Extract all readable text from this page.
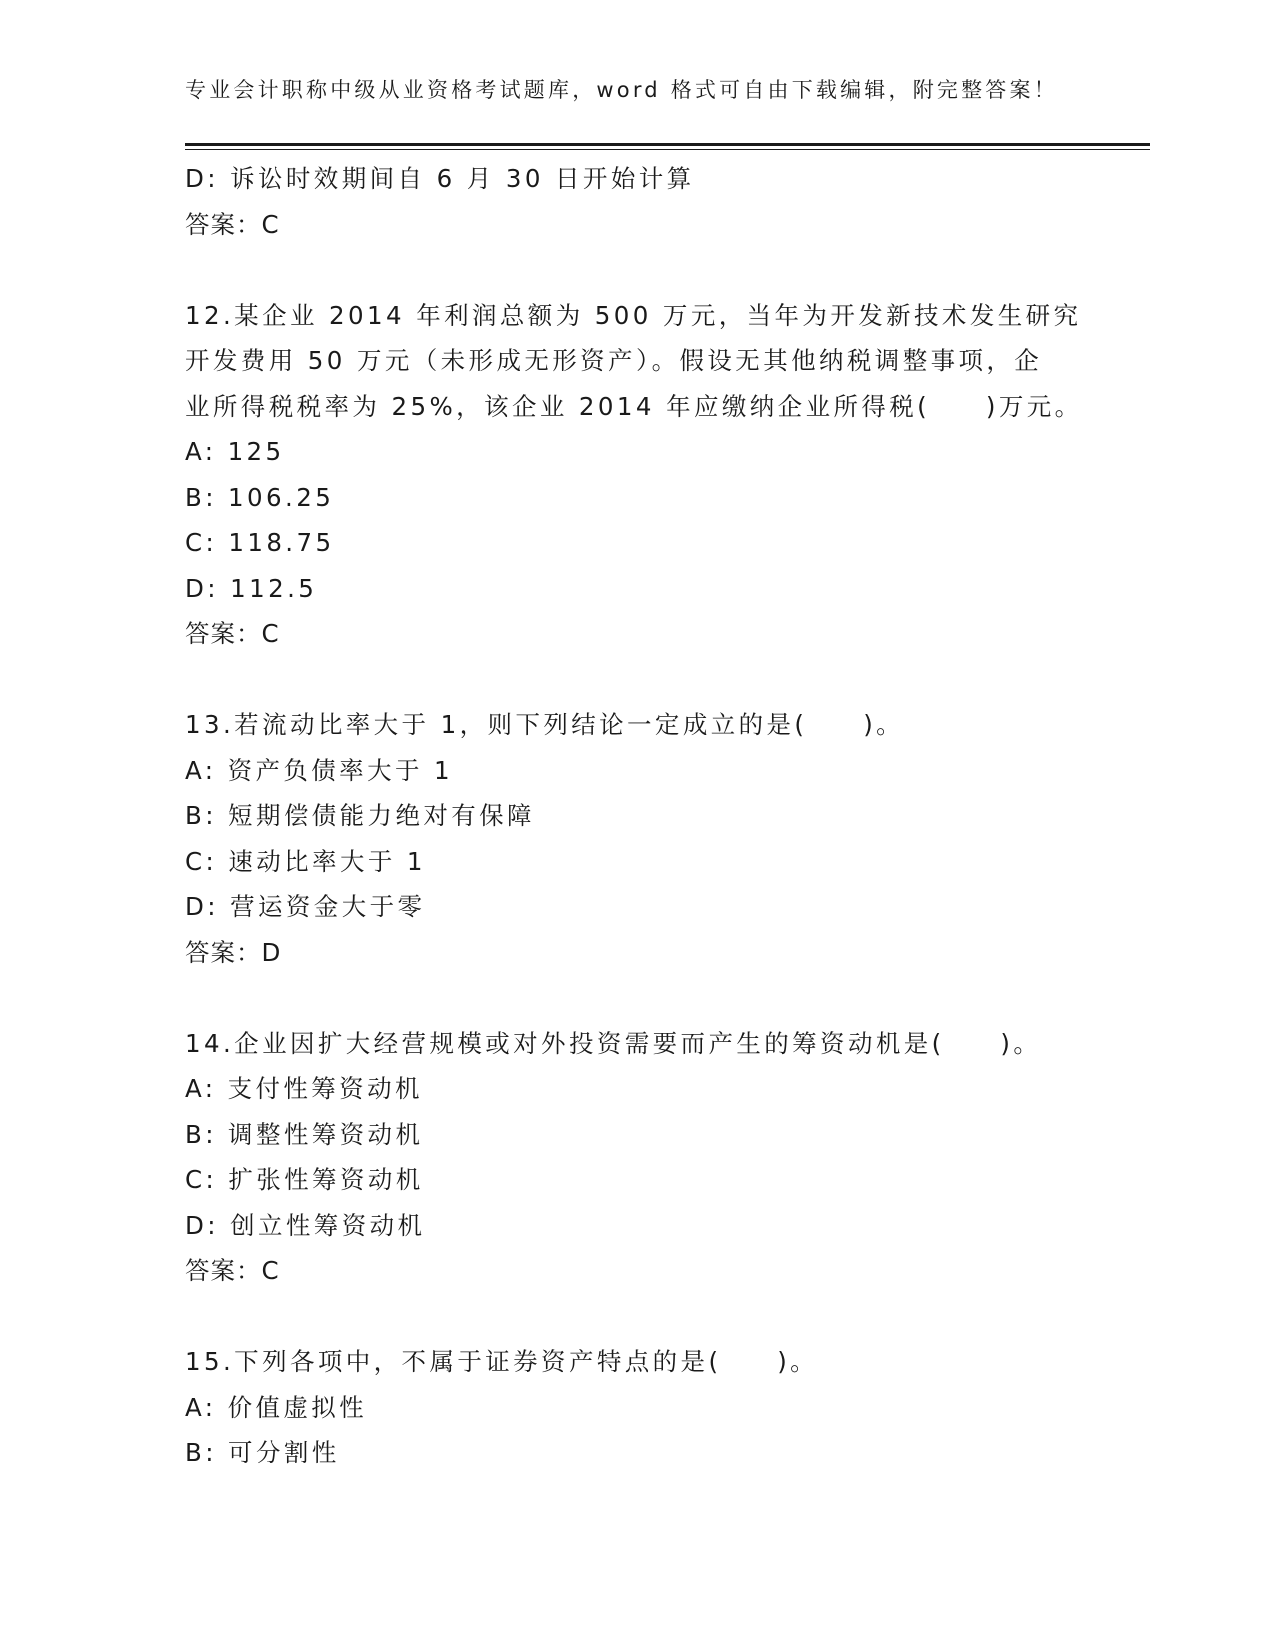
专业会计职称中级从业资格考试题库，word 格式可自由下载编辑，附完整答案！
D: 诉讼时效期间自 6 月 30 日开始计算
答案：C
12.某企业 2014 年利润总额为 500 万元，当年为开发新技术发生研究
开发费用 50 万元（未形成无形资产）。假设无其他纳税调整事项，企
业所得税税率为 25%，该企业 2014 年应缴纳企业所得税(　　)万元。
A: 125
B: 106.25
C: 118.75
D: 112.5
答案：C
13.若流动比率大于 1，则下列结论一定成立的是(　　)。
A: 资产负债率大于 1
B: 短期偿债能力绝对有保障
C: 速动比率大于 1
D: 营运资金大于零
答案：D
14.企业因扩大经营规模或对外投资需要而产生的筹资动机是(　　)。
A: 支付性筹资动机
B: 调整性筹资动机
C: 扩张性筹资动机
D: 创立性筹资动机
答案：C
15.下列各项中，不属于证券资产特点的是(　　)。
A: 价值虚拟性
B: 可分割性
